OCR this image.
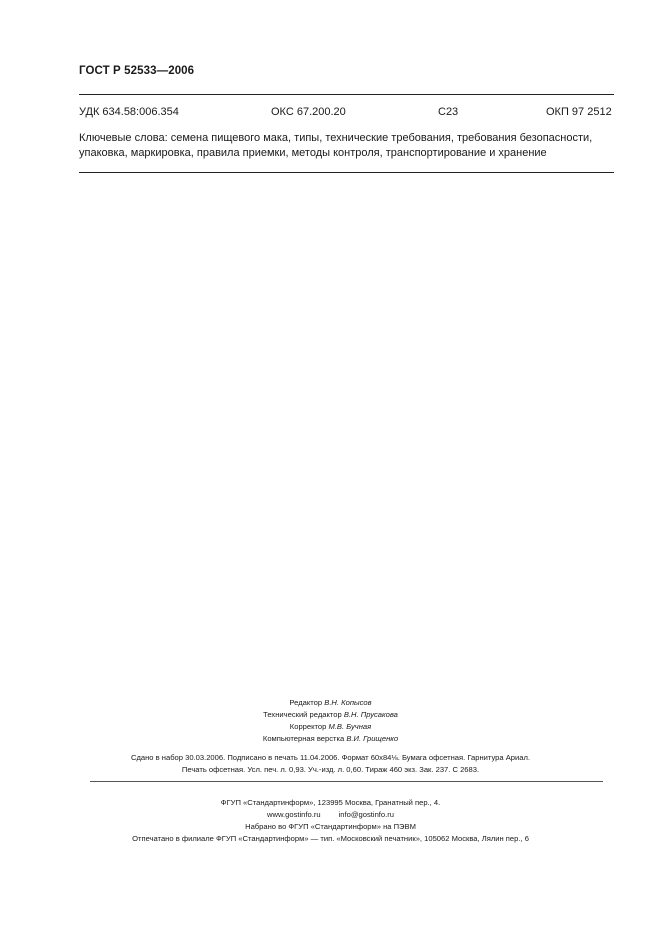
ГОСТ Р 52533—2006
УДК 634.58:006.354	ОКС 67.200.20	С23	ОКП 97 2512
Ключевые слова: семена пищевого мака, типы, технические требования, требования безопасности, упаковка, маркировка, правила приемки, методы контроля, транспортирование и хранение
Редактор В.Н. Копысов
Технический редактор В.Н. Прусакова
Корректор М.В. Бучная
Компьютерная верстка В.И. Грищенко
Сдано в набор 30.03.2006. Подписано в печать 11.04.2006. Формат 60x84⅛. Бумага офсетная. Гарнитура Ариал.
Печать офсетная. Усл. печ. л. 0,93. Уч.-изд. л. 0,60. Тираж 460 экз. Зак. 237. С 2683.
ФГУП «Стандартинформ», 123995 Москва, Гранатный пер., 4.
www.gostinfo.ru info@gostinfo.ru
Набрано во ФГУП «Стандартинформ» на ПЭВМ
Отпечатано в филиале ФГУП «Стандартинформ» — тип. «Московский печатник», 105062 Москва, Лялин пер., 6
